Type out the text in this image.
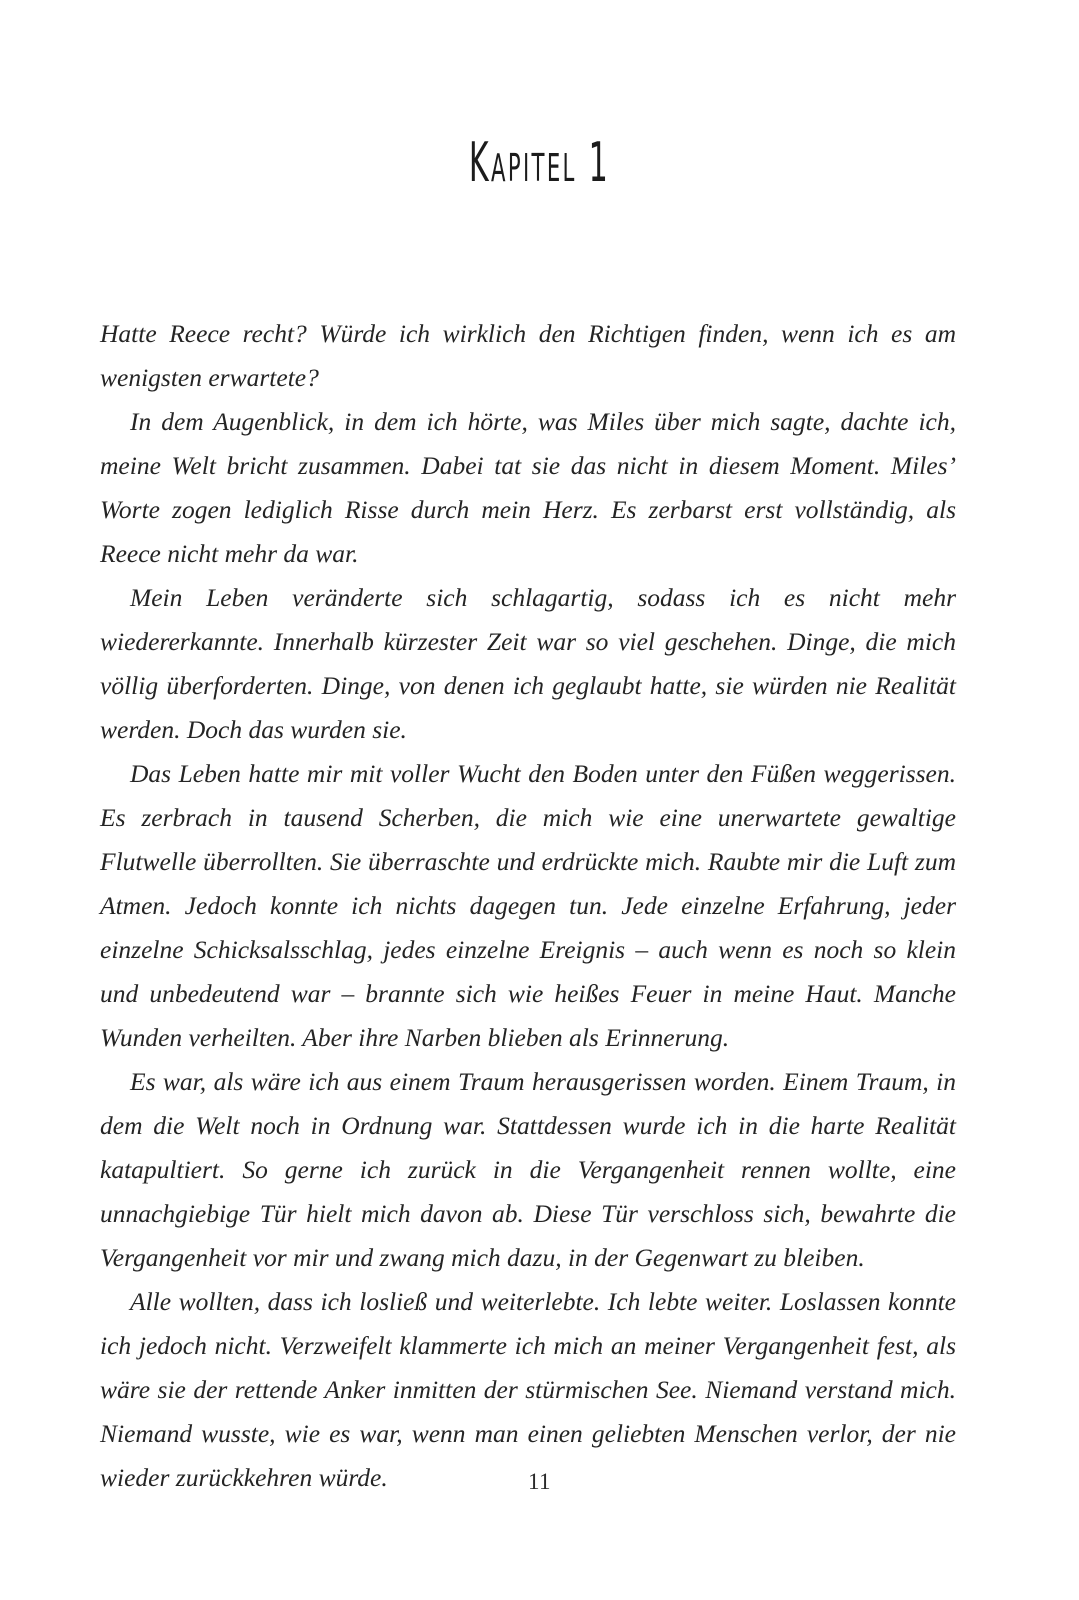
Kapitel 1

Hatte Reece recht? Würde ich wirklich den Richtigen finden, wenn ich es am wenigsten erwartete?

In dem Augenblick, in dem ich hörte, was Miles über mich sagte, dachte ich, meine Welt bricht zusammen. Dabei tat sie das nicht in diesem Moment. Miles’ Worte zogen lediglich Risse durch mein Herz. Es zerbarst erst vollständig, als Reece nicht mehr da war.

Mein Leben veränderte sich schlagartig, sodass ich es nicht mehr wiedererkannte. Innerhalb kürzester Zeit war so viel geschehen. Dinge, die mich völlig überforderten. Dinge, von denen ich geglaubt hatte, sie würden nie Realität werden. Doch das wurden sie.

Das Leben hatte mir mit voller Wucht den Boden unter den Füßen weggerissen. Es zerbrach in tausend Scherben, die mich wie eine unerwartete gewaltige Flutwelle überrollten. Sie überraschte und erdrückte mich. Raubte mir die Luft zum Atmen. Jedoch konnte ich nichts dagegen tun. Jede einzelne Erfahrung, jeder einzelne Schicksalsschlag, jedes einzelne Ereignis – auch wenn es noch so klein und unbedeutend war – brannte sich wie heißes Feuer in meine Haut. Manche Wunden verheilten. Aber ihre Narben blieben als Erinnerung.

Es war, als wäre ich aus einem Traum herausgerissen worden. Einem Traum, in dem die Welt noch in Ordnung war. Stattdessen wurde ich in die harte Realität katapultiert. So gerne ich zurück in die Vergangenheit rennen wollte, eine unnachgiebige Tür hielt mich davon ab. Diese Tür verschloss sich, bewahrte die Vergangenheit vor mir und zwang mich dazu, in der Gegenwart zu bleiben.

Alle wollten, dass ich losließ und weiterlebte. Ich lebte weiter. Loslassen konnte ich jedoch nicht. Verzweifelt klammerte ich mich an meiner Vergangenheit fest, als wäre sie der rettende Anker inmitten der stürmischen See. Niemand verstand mich. Niemand wusste, wie es war, wenn man einen geliebten Menschen verlor, der nie wieder zurückkehren würde.	11
